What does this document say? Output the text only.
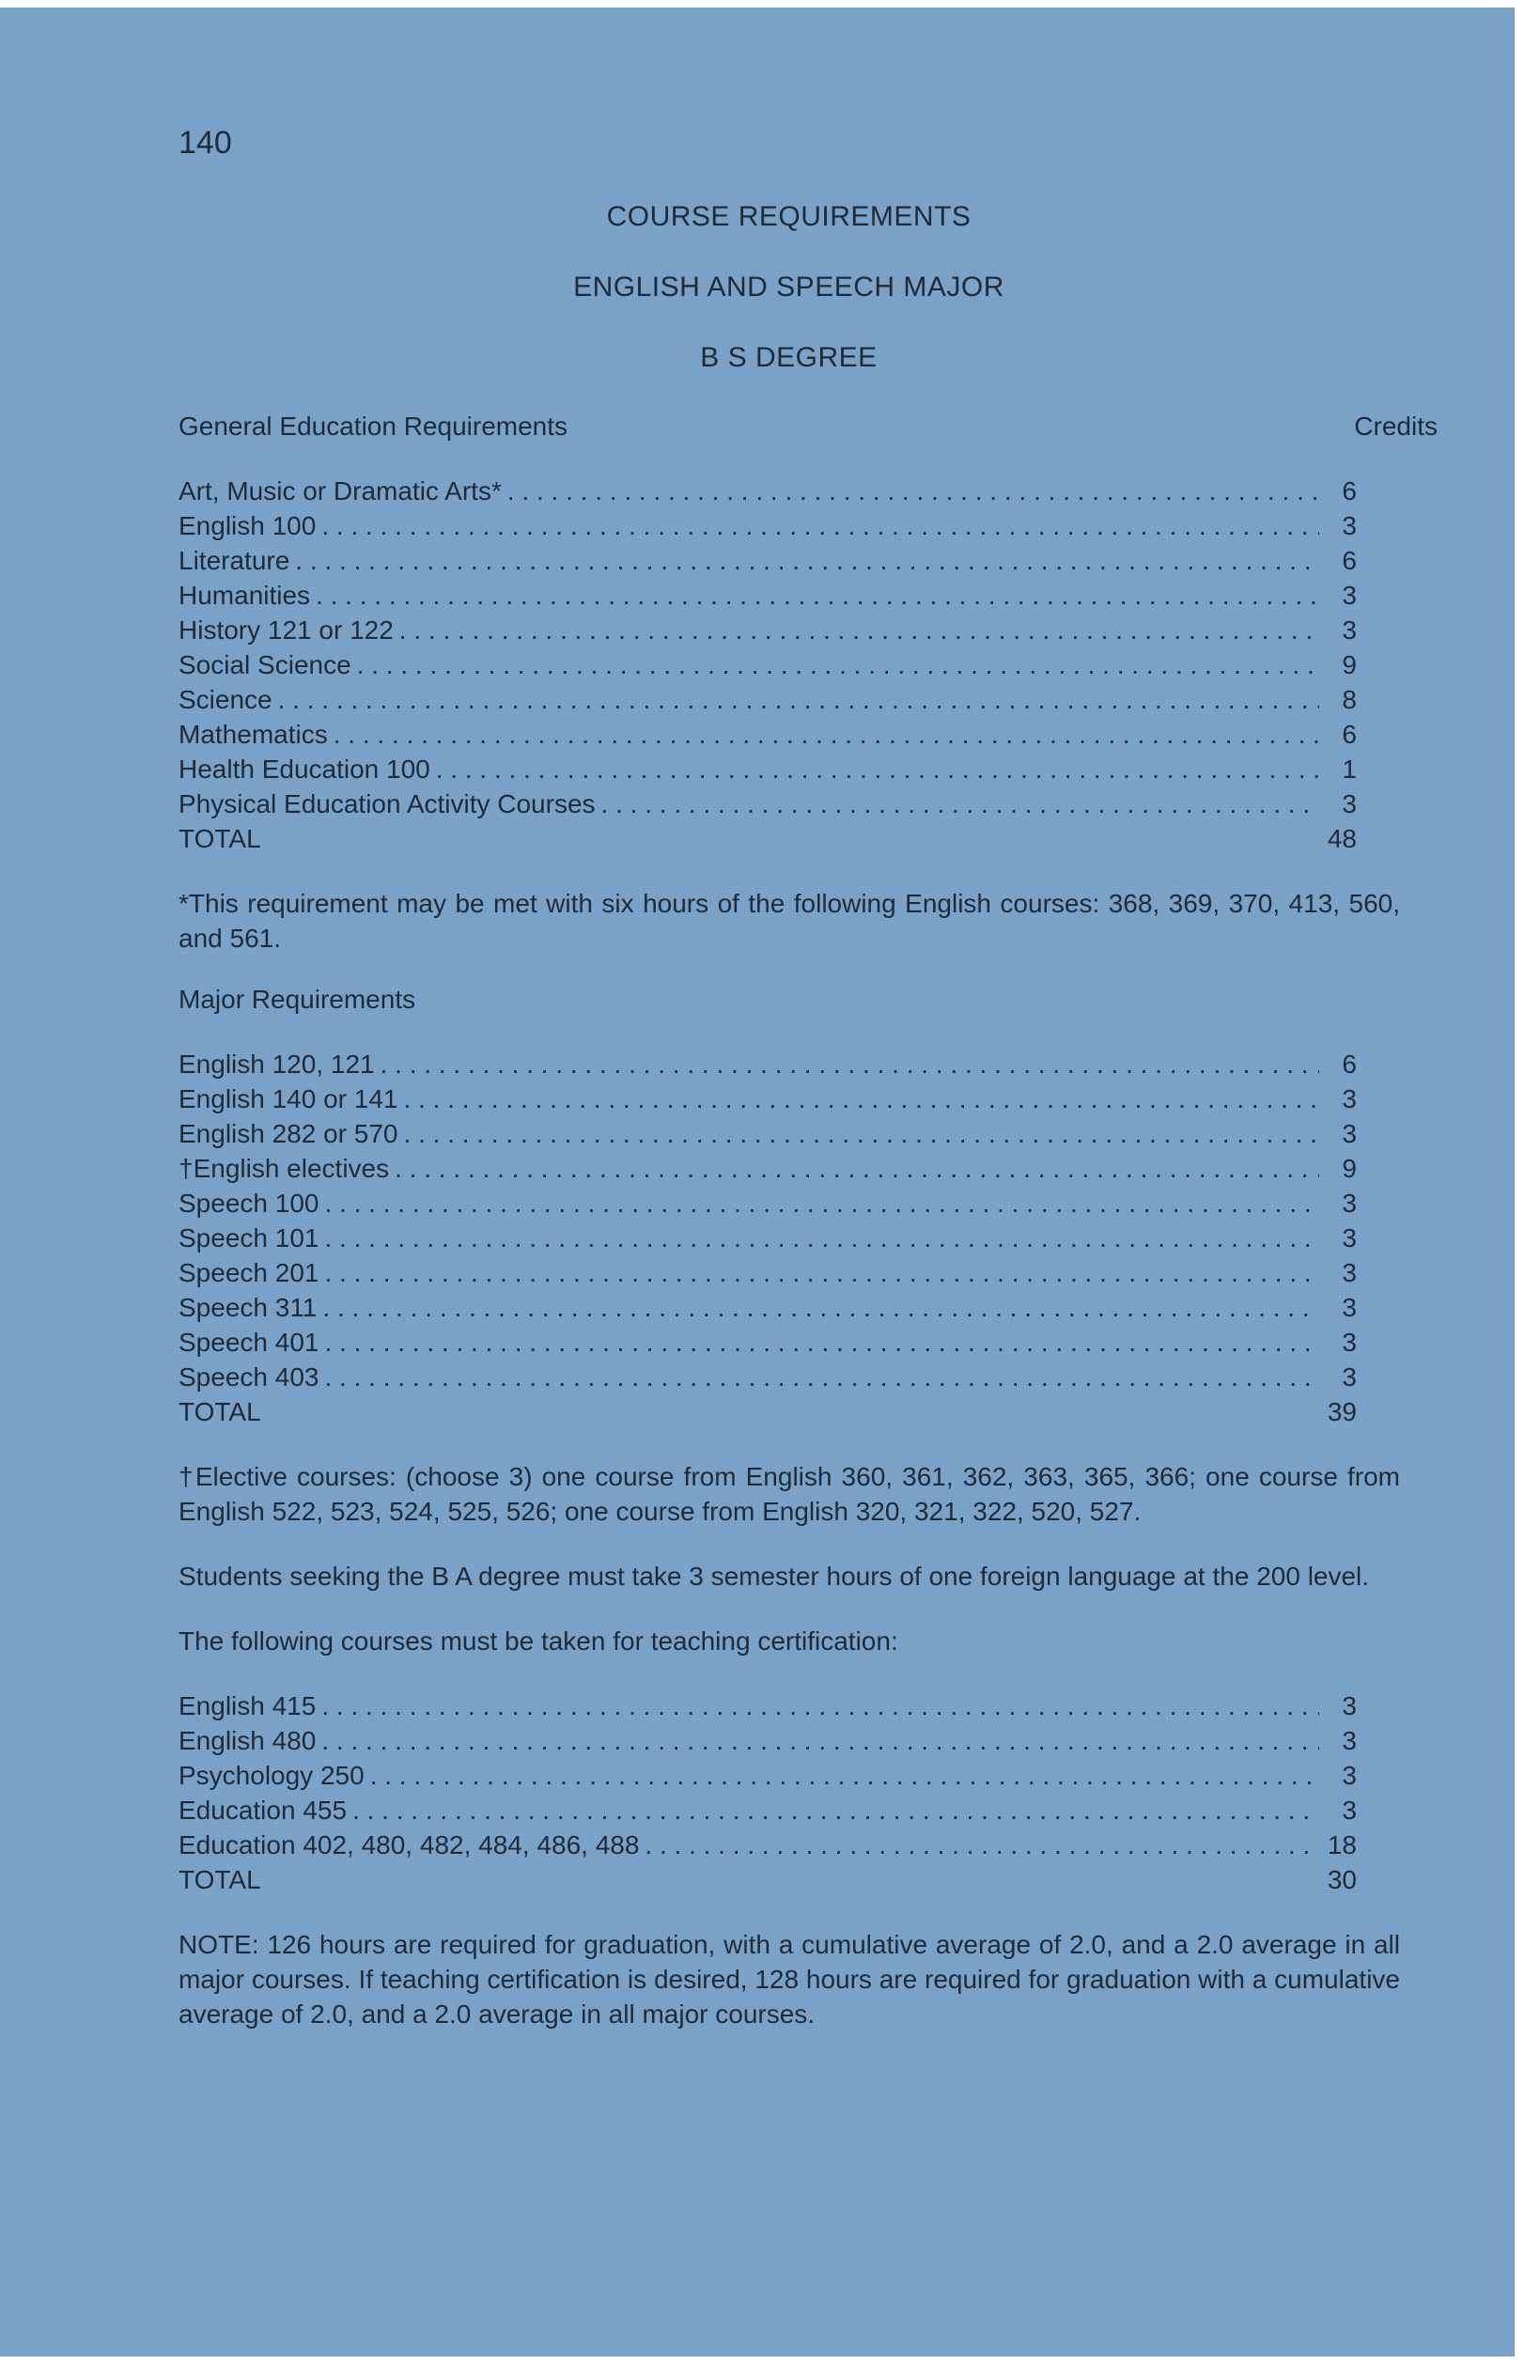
140
COURSE REQUIREMENTS
ENGLISH AND SPEECH MAJOR
B S DEGREE
General Education Requirements	Credits
Art, Music or Dramatic Arts* . . .	6
English 100 . . .	3
Literature . . .	6
Humanities . . .	3
History 121 or 122 . . .	3
Social Science . . .	9
Science . . .	8
Mathematics . . .	6
Health Education 100 . . .	1
Physical Education Activity Courses . . .	3
TOTAL	48
*This requirement may be met with six hours of the following English courses: 368, 369, 370, 413, 560, and 561.
Major Requirements
English 120, 121 . . .	6
English 140 or 141 . . .	3
English 282 or 570 . . .	3
†English electives . . .	9
Speech 100 . . .	3
Speech 101 . . .	3
Speech 201 . . .	3
Speech 311 . . .	3
Speech 401 . . .	3
Speech 403 . . .	3
TOTAL	39
†Elective courses: (choose 3) one course from English 360, 361, 362, 363, 365, 366; one course from English 522, 523, 524, 525, 526; one course from English 320, 321, 322, 520, 527.
Students seeking the B A degree must take 3 semester hours of one foreign language at the 200 level.
The following courses must be taken for teaching certification:
English 415 . . .	3
English 480 . . .	3
Psychology 250 . . .	3
Education 455 . . .	3
Education 402, 480, 482, 484, 486, 488 . . .	18
TOTAL	30
NOTE: 126 hours are required for graduation, with a cumulative average of 2.0, and a 2.0 average in all major courses. If teaching certification is desired, 128 hours are required for graduation with a cumulative average of 2.0, and a 2.0 average in all major courses.
